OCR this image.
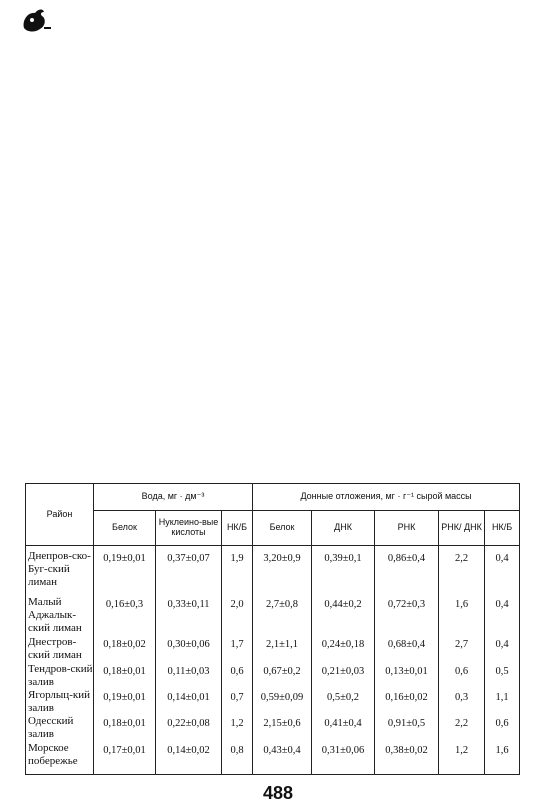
Район	Вода, мг · дм⁻³			Донные отложения, мг · г⁻¹ сырой массы				
	Белок	Нуклеино-вые кислоты	НК/Б	Белок	ДНК	РНК	РНК/ ДНК	НК/Б
Днепров-ско-Буг-ский лиман	0,19±0,01	0,37±0,07	1,9	3,20±0,9	0,39±0,1	0,86±0,4	2,2	0,4
Малый Аджалык-ский лиман	0,16±0,3	0,33±0,11	2,0	2,7±0,8	0,44±0,2	0,72±0,3	1,6	0,4
Днестров-ский лиман	0,18±0,02	0,30±0,06	1,7	2,1±1,1	0,24±0,18	0,68±0,4	2,7	0,4
Тендров-ский залив	0,18±0,01	0,11±0,03	0,6	0,67±0,2	0,21±0,03	0,13±0,01	0,6	0,5
Ягорлыц-кий залив	0,19±0,01	0,14±0,01	0,7	0,59±0,09	0,5±0,2	0,16±0,02	0,3	1,1
Одесский залив	0,18±0,01	0,22±0,08	1,2	2,15±0,6	0,41±0,4	0,91±0,5	2,2	0,6
Морское побережье	0,17±0,01	0,14±0,02	0,8	0,43±0,4	0,31±0,06	0,38±0,02	1,2	1,6
488
